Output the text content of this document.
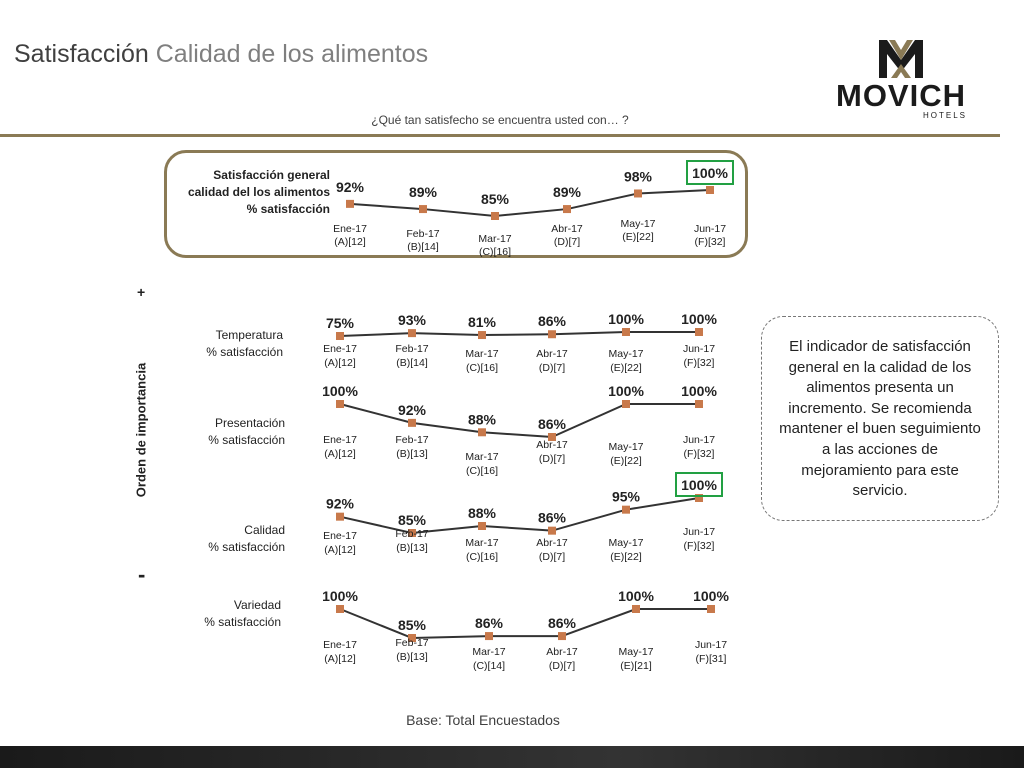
Satisfacción Calidad de los alimentos
MOVICH
HOTELS
¿Qué tan satisfecho se encuentra usted con… ?
+
Orden de importancia
-
El indicador de satisfacción general en la calidad de los alimentos presenta un incremento. Se recomienda mantener el buen seguimiento a las acciones de mejoramiento para este servicio.
Satisfacción general
calidad del los alimentos
% satisfacción
92%
Ene-17
(A)[12]
89%
Feb-17
(B)[14]
85%
Mar-17
(C)[16]
89%
Abr-17
(D)[7]
98%
May-17
(E)[22]
100%
Jun-17
(F)[32]
Temperatura
% satisfacción
75%
Ene-17
(A)[12]
93%
Feb-17
(B)[14]
81%
Mar-17
(C)[16]
86%
Abr-17
(D)[7]
100%
May-17
(E)[22]
100%
Jun-17
(F)[32]
Presentación
% satisfacción
100%
Ene-17
(A)[12]
92%
Feb-17
(B)[13]
88%
Mar-17
(C)[16]
86%
Abr-17
(D)[7]
100%
May-17
(E)[22]
100%
Jun-17
(F)[32]
Calidad
% satisfacción
92%
Ene-17
(A)[12]
85%
Feb-17
(B)[13]
88%
Mar-17
(C)[16]
86%
Abr-17
(D)[7]
95%
May-17
(E)[22]
100%
Jun-17
(F)[32]
Variedad
% satisfacción
100%
Ene-17
(A)[12]
85%
Feb-17
(B)[13]
86%
Mar-17
(C)[14]
86%
Abr-17
(D)[7]
100%
May-17
(E)[21]
100%
Jun-17
(F)[31]
Base: Total Encuestados
